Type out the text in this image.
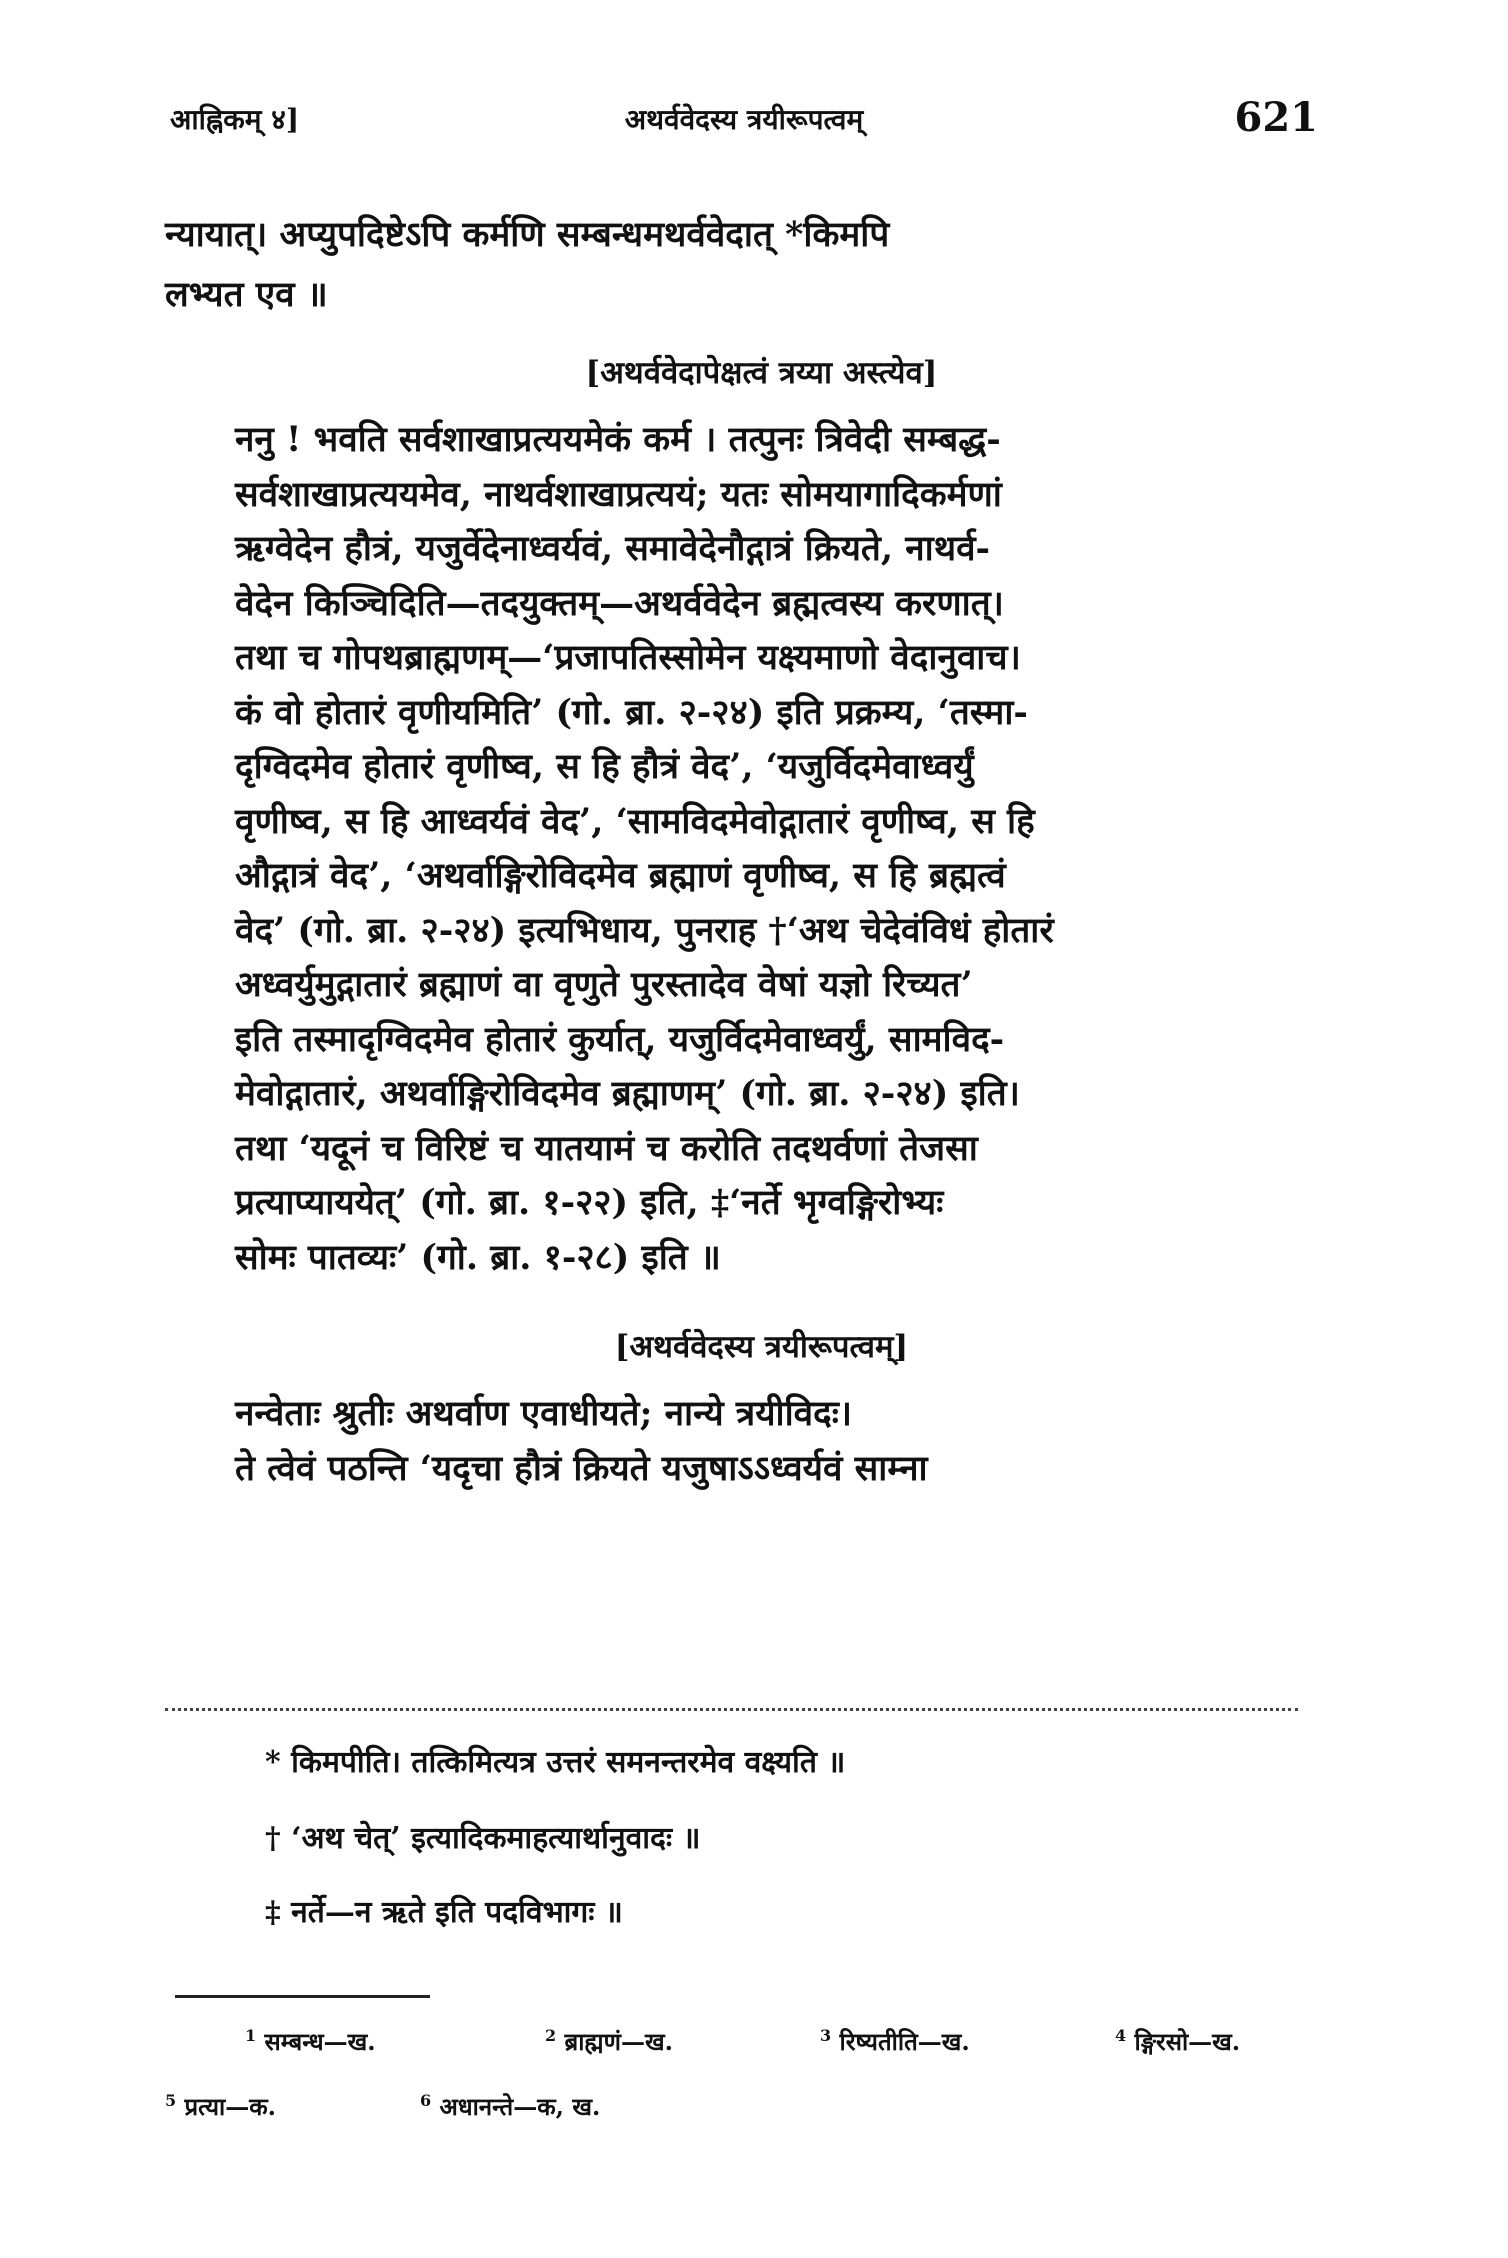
आह्निकम् ४]	अथर्ववेदस्य त्रयीरूपत्वम्	621

न्यायात्। अप्युपदिष्टेऽपि कर्मणि सम्बन्धमथर्ववेदात् *किमपि
लभ्यत एव ॥

[अथर्ववेदापेक्षत्वं त्रय्या अस्त्येव]

ननु ! भवति सर्वशाखाप्रत्ययमेकं कर्म । तत्पुनः त्रिवेदी सम्बद्ध-
सर्वशाखाप्रत्ययमेव, नाथर्वशाखाप्रत्ययं; यतः सोमयागादिकर्मणां
ऋग्वेदेन हौत्रं, यजुर्वेदेनाध्वर्यवं, समावेदेनौद्गात्रं क्रियते, नाथर्व-
वेदेन किञ्चिदिति—तदयुक्तम्—अथर्ववेदेन ब्रह्मत्वस्य करणात्।
तथा च गोपथब्राह्मणम्—‘प्रजापतिस्सोमेन यक्ष्यमाणो वेदानुवाच।
कं वो होतारं वृणीयमिति’ (गो. ब्रा. २-२४) इति प्रक्रम्य, ‘तस्मा-
दृग्विदमेव होतारं वृणीष्व, स हि हौत्रं वेद’, ‘यजुर्विदमेवाध्वर्युं
वृणीष्व, स हि आध्वर्यवं वेद’, ‘सामविदमेवोद्गातारं वृणीष्व, स हि
औद्गात्रं वेद’, ‘अथर्वाङ्गिरोविदमेव ब्रह्माणं वृणीष्व, स हि ब्रह्मत्वं
वेद’ (गो. ब्रा. २-२४) इत्यभिधाय, पुनराह †‘अथ चेदेवंविधं होतारं
अध्वर्युमुद्गातारं ब्रह्माणं वा वृणुते पुरस्तादेव वेषां यज्ञो रिच्यत’
इति तस्मादृग्विदमेव होतारं कुर्यात्, यजुर्विदमेवाध्वर्युं, सामविद-
मेवोद्गातारं, अथर्वाङ्गिरोविदमेव ब्रह्माणम्’ (गो. ब्रा. २-२४) इति।
तथा ‘यदूनं च विरिष्टं च यातयामं च करोति तदथर्वणां तेजसा
प्रत्याप्याययेत्’ (गो. ब्रा. १-२२) इति, ‡‘नर्ते भृग्वङ्गिरोभ्यः
सोमः पातव्यः’ (गो. ब्रा. १-२८) इति ॥

[अथर्ववेदस्य त्रयीरूपत्वम्]

नन्वेताः श्रुतीः अथर्वाण एवाधीयते; नान्ये त्रयीविदः।
ते त्वेवं पठन्ति ‘यदृचा हौत्रं क्रियते यजुषाऽऽध्वर्यवं साम्ना

* किमपीति। तत्किमित्यत्र उत्तरं समनन्तरमेव वक्ष्यति ॥
† ‘अथ चेत्’ इत्यादिकमाहत्यार्थानुवादः ॥
‡ नर्ते—न ऋते इति पदविभागः ॥
$^1$ सम्बन्ध—ख.	$^2$ ब्राह्मणं—ख.	$^3$ रिष्यतीति—ख.	$^4$ ङ्गिरसो—ख.
$^5$ प्रत्या—क.	$^6$ अधानन्ते—क, ख.
